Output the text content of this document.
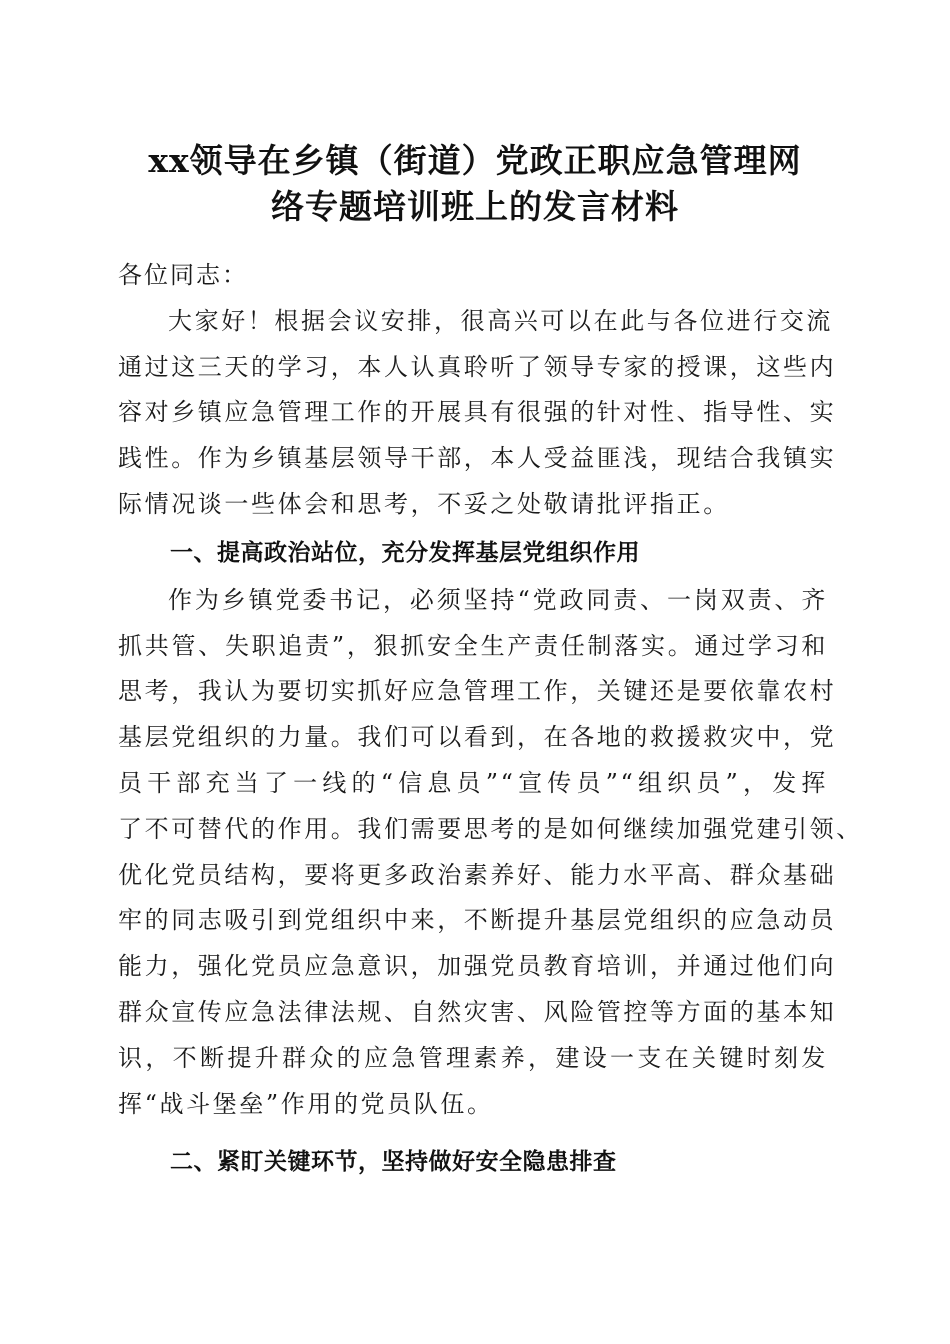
xx领导在乡镇（街道）党政正职应急管理网
络专题培训班上的发言材料

各位同志：

大家好！根据会议安排，很高兴可以在此与各位进行交流
通过这三天的学习，本人认真聆听了领导专家的授课，这些内
容对乡镇应急管理工作的开展具有很强的针对性、指导性、实
践性。作为乡镇基层领导干部，本人受益匪浅，现结合我镇实
际情况谈一些体会和思考，不妥之处敬请批评指正。

一、提高政治站位，充分发挥基层党组织作用

作为乡镇党委书记，必须坚持“党政同责、一岗双责、齐
抓共管、失职追责”，狠抓安全生产责任制落实。通过学习和
思考，我认为要切实抓好应急管理工作，关键还是要依靠农村
基层党组织的力量。我们可以看到，在各地的救援救灾中，党
员干部充当了一线的“信息员”“宣传员”“组织员”，发挥
了不可替代的作用。我们需要思考的是如何继续加强党建引领、
优化党员结构，要将更多政治素养好、能力水平高、群众基础
牢的同志吸引到党组织中来，不断提升基层党组织的应急动员
能力，强化党员应急意识，加强党员教育培训，并通过他们向
群众宣传应急法律法规、自然灾害、风险管控等方面的基本知
识，不断提升群众的应急管理素养，建设一支在关键时刻发
挥“战斗堡垒”作用的党员队伍。

二、紧盯关键环节，坚持做好安全隐患排查
